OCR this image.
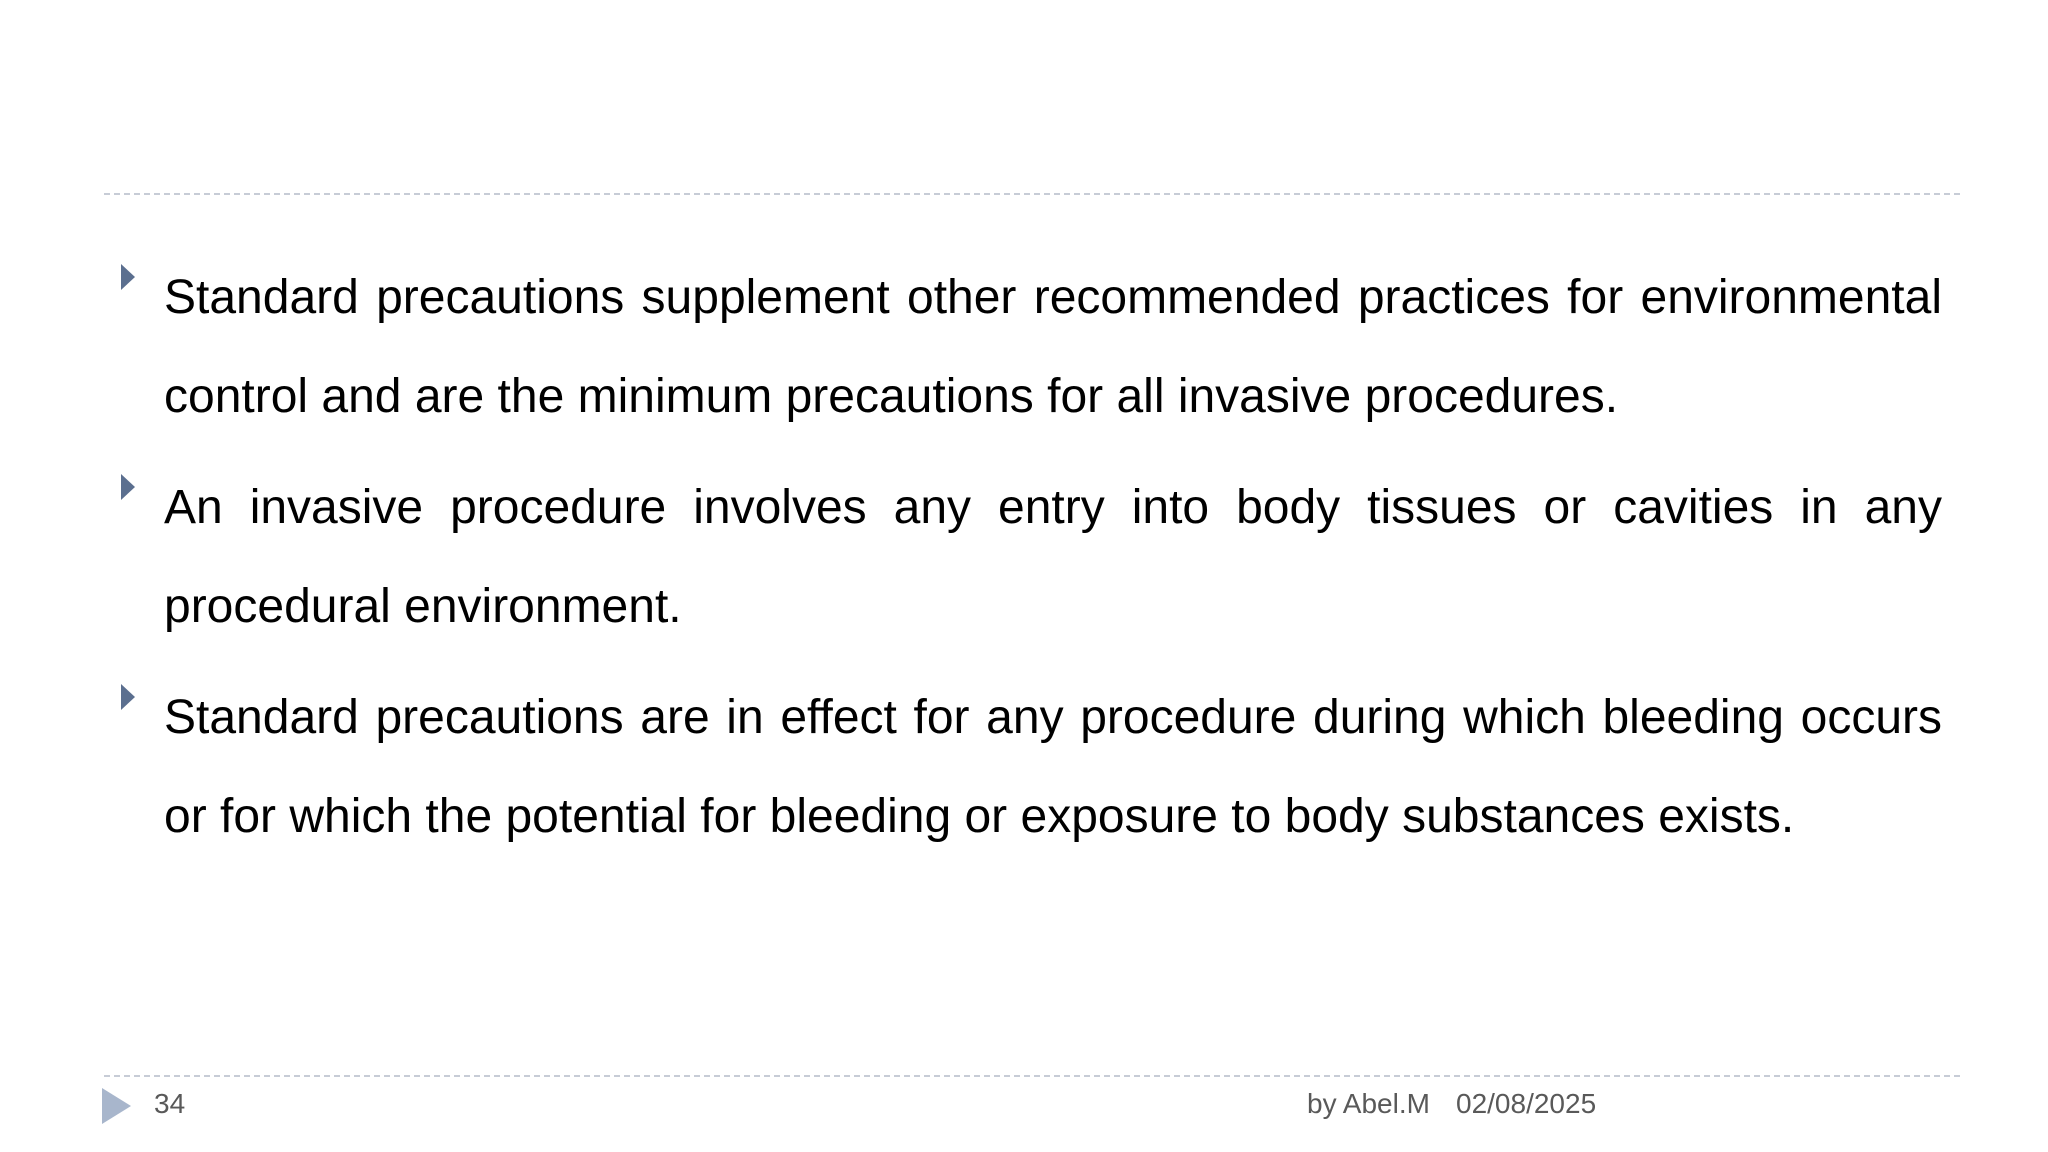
Standard precautions supplement other recommended practices for environmental control and are the minimum precautions for all invasive procedures.
An invasive procedure involves any entry into body tissues or cavities in any procedural environment.
Standard precautions are in effect for any procedure during which bleeding occurs or for which the potential for bleeding or exposure to body substances exists.
34	by Abel.M 02/08/2025
